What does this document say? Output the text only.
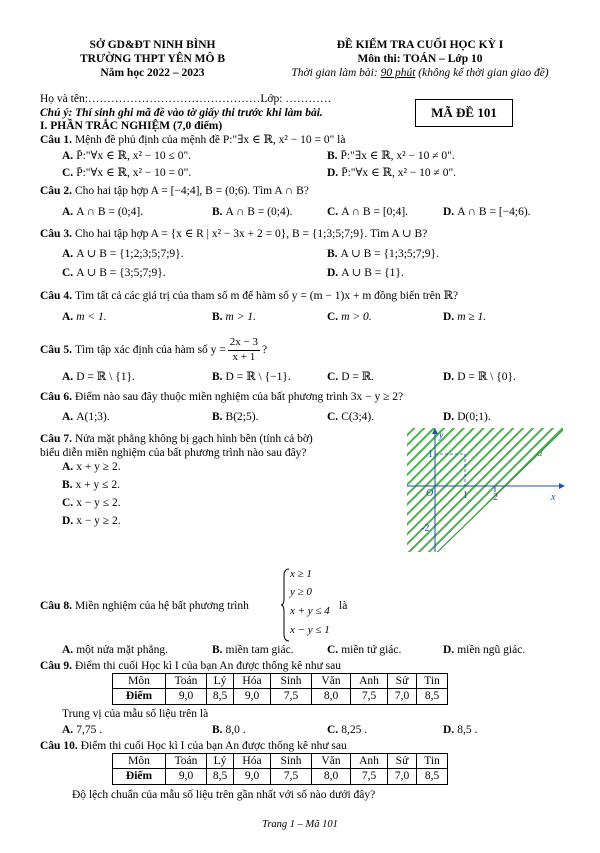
SỞ GD&ĐT NINH BÌNH
TRƯỜNG THPT YÊN MÔ B
Năm học 2022 – 2023
ĐỀ KIỂM TRA CUỐI HỌC KỲ I
Môn thi: TOÁN – Lớp 10
Thời gian làm bài: 90 phút (không kể thời gian giao đề)
Họ và tên:………………………………………Lớp: …………
MÃ ĐỀ 101
Chú ý: Thí sinh ghi mã đề vào tờ giấy thi trước khi làm bài.
I. PHẦN TRẮC NGHIỆM (7,0 điểm)
Câu 1. Mệnh đề phủ định của mệnh đề P:"∃x ∈ ℝ, x² − 10 = 0" là
A. P̄:"∀x ∈ ℝ, x² − 10 ≤ 0".	B. P̄:"∃x ∈ ℝ, x² − 10 ≠ 0".
C. P̄:"∀x ∈ ℝ, x² − 10 = 0".	D. P̄:"∀x ∈ ℝ, x² − 10 ≠ 0".
Câu 2. Cho hai tập hợp A = [−4;4], B = (0;6). Tìm A ∩ B?
A. A ∩ B = (0;4].	B. A ∩ B = (0;4).	C. A ∩ B = [0;4].	D. A ∩ B = [−4;6).
Câu 3. Cho hai tập hợp A = {x ∈ R | x² − 3x + 2 = 0}, B = {1;3;5;7;9}. Tìm A ∪ B?
A. A ∪ B = {1;2;3;5;7;9}.	B. A ∪ B = {1;3;5;7;9}.
C. A ∪ B = {3;5;7;9}.	D. A ∪ B = {1}.
Câu 4. Tìm tất cả các giá trị của tham số m để hàm số y = (m − 1)x + m đồng biến trên ℝ?
A. m < 1.	B. m > 1.	C. m > 0.	D. m ≥ 1.
Câu 5. Tìm tập xác định của hàm số $y = \frac{2x - 3}{x + 1}$ ?
A. D = ℝ \ {1}.	B. D = ℝ \ {−1}.	C. D = ℝ.	D. D = ℝ \ {0}.
Câu 6. Điểm nào sau đây thuộc miền nghiệm của bất phương trình 3x − y ≥ 2?
A. A(1;3).	B. B(2;5).	C. C(3;4).	D. D(0;1).
Câu 7. Nửa mặt phẳng không bị gạch hình bên (tính cả bờ)
biểu diễn miền nghiệm của bất phương trình nào sau đây?
A. x + y ≥ 2.
B. x + y ≤ 2.
C. x − y ≤ 2.
D. x − y ≥ 2.
y
x
d
1	2
1
-2
O
Câu 8. Miền nghiệm của hệ bất phương trình
x ≥ 1
y ≥ 0
x + y ≤ 4
x − y ≤ 1
là
A. một nửa mặt phẳng.	B. miền tam giác.	C. miền tứ giác.	D. miền ngũ giác.
Câu 9. Điểm thi cuối Học kì I của bạn An được thống kê như sau
Môn	Toán	Lý	Hóa	Sinh	Văn	Anh	Sử	Tin
Điểm	9,0	8,5	9,0	7,5	8,0	7,5	7,0	8,5
Trung vị của mẫu số liệu trên là
A. 7,75 .	B. 8,0 .	C. 8,25 .	D. 8,5 .
Câu 10. Điểm thi cuối Học kì I của bạn An được thống kê như sau
Môn	Toán	Lý	Hóa	Sinh	Văn	Anh	Sử	Tin
Điểm	9,0	8,5	9,0	7,5	8,0	7,5	7,0	8,5
Độ lệch chuẩn của mẫu số liệu trên gần nhất với số nào dưới đây?
Trang 1 – Mã 101
